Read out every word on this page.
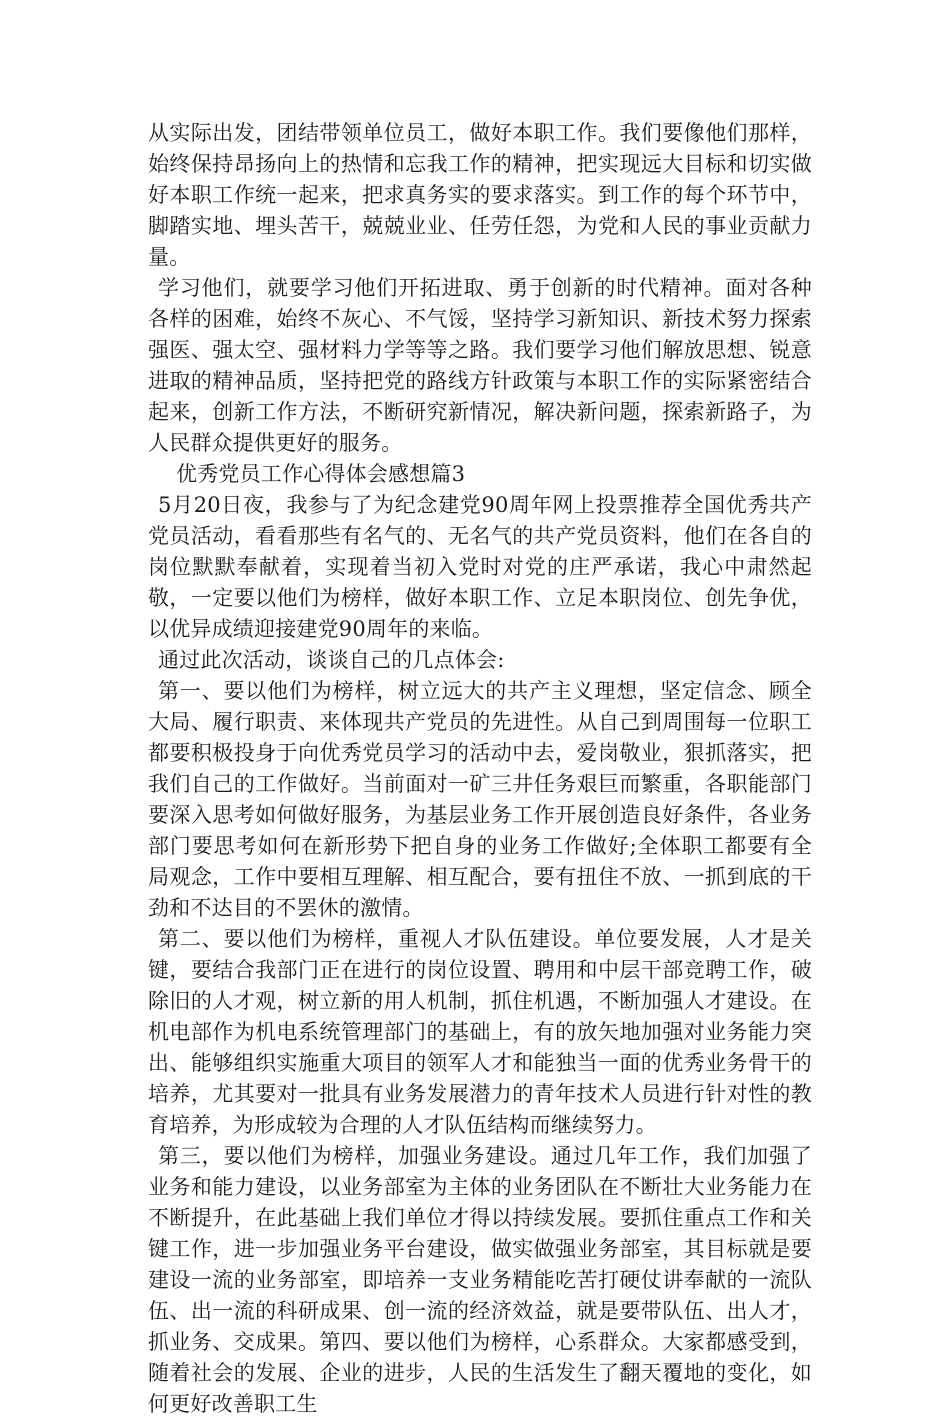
从实际出发，团结带领单位员工，做好本职工作。我们要像他们那样，始终保持昂扬向上的热情和忘我工作的精神，把实现远大目标和切实做好本职工作统一起来，把求真务实的要求落实。到工作的每个环节中，脚踏实地、埋头苦干，兢兢业业、任劳任怨，为党和人民的事业贡献力量。

学习他们，就要学习他们开拓进取、勇于创新的时代精神。面对各种各样的困难，始终不灰心、不气馁，坚持学习新知识、新技术努力探索强医、强太空、强材料力学等等之路。我们要学习他们解放思想、锐意进取的精神品质，坚持把党的路线方针政策与本职工作的实际紧密结合起来，创新工作方法，不断研究新情况，解决新问题，探索新路子，为人民群众提供更好的服务。

优秀党员工作心得体会感想篇3

5月20日夜，我参与了为纪念建党90周年网上投票推荐全国优秀共产党员活动，看看那些有名气的、无名气的共产党员资料，他们在各自的岗位默默奉献着，实现着当初入党时对党的庄严承诺，我心中肃然起敬，一定要以他们为榜样，做好本职工作、立足本职岗位、创先争优，以优异成绩迎接建党90周年的来临。

通过此次活动，谈谈自己的几点体会:

第一、要以他们为榜样，树立远大的共产主义理想，坚定信念、顾全大局、履行职责、来体现共产党员的先进性。从自己到周围每一位职工都要积极投身于向优秀党员学习的活动中去，爱岗敬业，狠抓落实，把我们自己的工作做好。当前面对一矿三井任务艰巨而繁重，各职能部门要深入思考如何做好服务，为基层业务工作开展创造良好条件，各业务部门要思考如何在新形势下把自身的业务工作做好;全体职工都要有全局观念，工作中要相互理解、相互配合，要有扭住不放、一抓到底的干劲和不达目的不罢休的激情。

第二、要以他们为榜样，重视人才队伍建设。单位要发展，人才是关键，要结合我部门正在进行的岗位设置、聘用和中层干部竞聘工作，破除旧的人才观，树立新的用人机制，抓住机遇，不断加强人才建设。在机电部作为机电系统管理部门的基础上，有的放矢地加强对业务能力突出、能够组织实施重大项目的领军人才和能独当一面的优秀业务骨干的培养，尤其要对一批具有业务发展潜力的青年技术人员进行针对性的教育培养，为形成较为合理的人才队伍结构而继续努力。

第三，要以他们为榜样，加强业务建设。通过几年工作，我们加强了业务和能力建设，以业务部室为主体的业务团队在不断壮大业务能力在不断提升，在此基础上我们单位才得以持续发展。要抓住重点工作和关键工作，进一步加强业务平台建设，做实做强业务部室，其目标就是要建设一流的业务部室，即培养一支业务精能吃苦打硬仗讲奉献的一流队伍、出一流的科研成果、创一流的经济效益，就是要带队伍、出人才，抓业务、交成果。第四、要以他们为榜样，心系群众。大家都感受到，随着社会的发展、企业的进步，人民的生活发生了翻天覆地的变化，如何更好改善职工生
